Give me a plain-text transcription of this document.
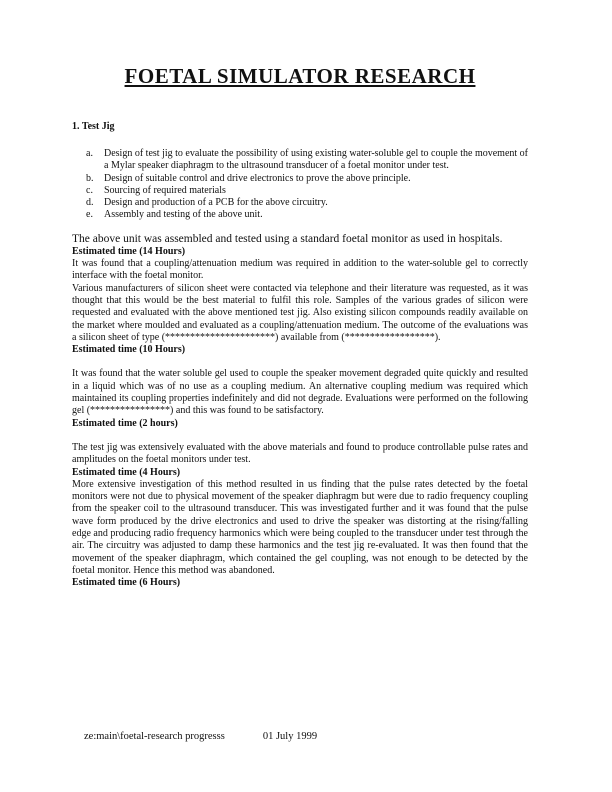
FOETAL SIMULATOR RESEARCH
1. Test Jig
a.	Design of test jig to evaluate the possibility of using existing water-soluble gel to couple the movement of a Mylar speaker diaphragm to the ultrasound transducer of a foetal monitor under test.
b.	Design of suitable control and drive electronics to prove the above principle.
c.	Sourcing of required materials
d.	Design and production of a PCB for the above circuitry.
e.	Assembly and testing of the above unit.

The above unit was assembled and tested using a standard foetal monitor as used in hospitals.

Estimated time (14 Hours)

It was found that a coupling/attenuation medium was required in addition to the water-soluble gel to correctly interface with the foetal monitor.

Various manufacturers of silicon sheet were contacted via telephone and their literature was requested, as it was thought that this would be the best material to fulfil this role. Samples of the various grades of silicon were requested and evaluated with the above mentioned test jig. Also existing silicon compounds readily available on the market where moulded and evaluated as a coupling/attenuation medium. The outcome of the evaluations was a silicon sheet of type (**********************) available from (******************).

Estimated time (10 Hours)

It was found that the water soluble gel used to couple the speaker movement degraded quite quickly and resulted in a liquid which was of no use as a coupling medium. An alternative coupling medium was required which maintained its coupling properties indefinitely and did not degrade. Evaluations were performed on the following gel (****************) and this was found to be satisfactory.

Estimated time (2 hours)

The test jig was extensively evaluated with the above materials and found to produce controllable pulse rates and amplitudes on the foetal monitors under test.

Estimated time (4 Hours)

More extensive investigation of this method resulted in us finding that the pulse rates detected by the foetal monitors were not due to physical movement of the speaker diaphragm but were due to radio frequency coupling from the speaker coil to the ultrasound transducer. This was investigated further and it was found that the pulse wave form produced by the drive electronics and used to drive the speaker was distorting at the rising/falling edge and producing radio frequency harmonics which were being coupled to the transducer under test through the air. The circuitry was adjusted to damp these harmonics and the test jig re-evaluated. It was then found that the movement of the speaker diaphragm, which contained the gel coupling, was not enough to be detected by the foetal monitor. Hence this method was abandoned.

Estimated time (6 Hours)

ze:main\foetal-research progresss	01 July 1999
